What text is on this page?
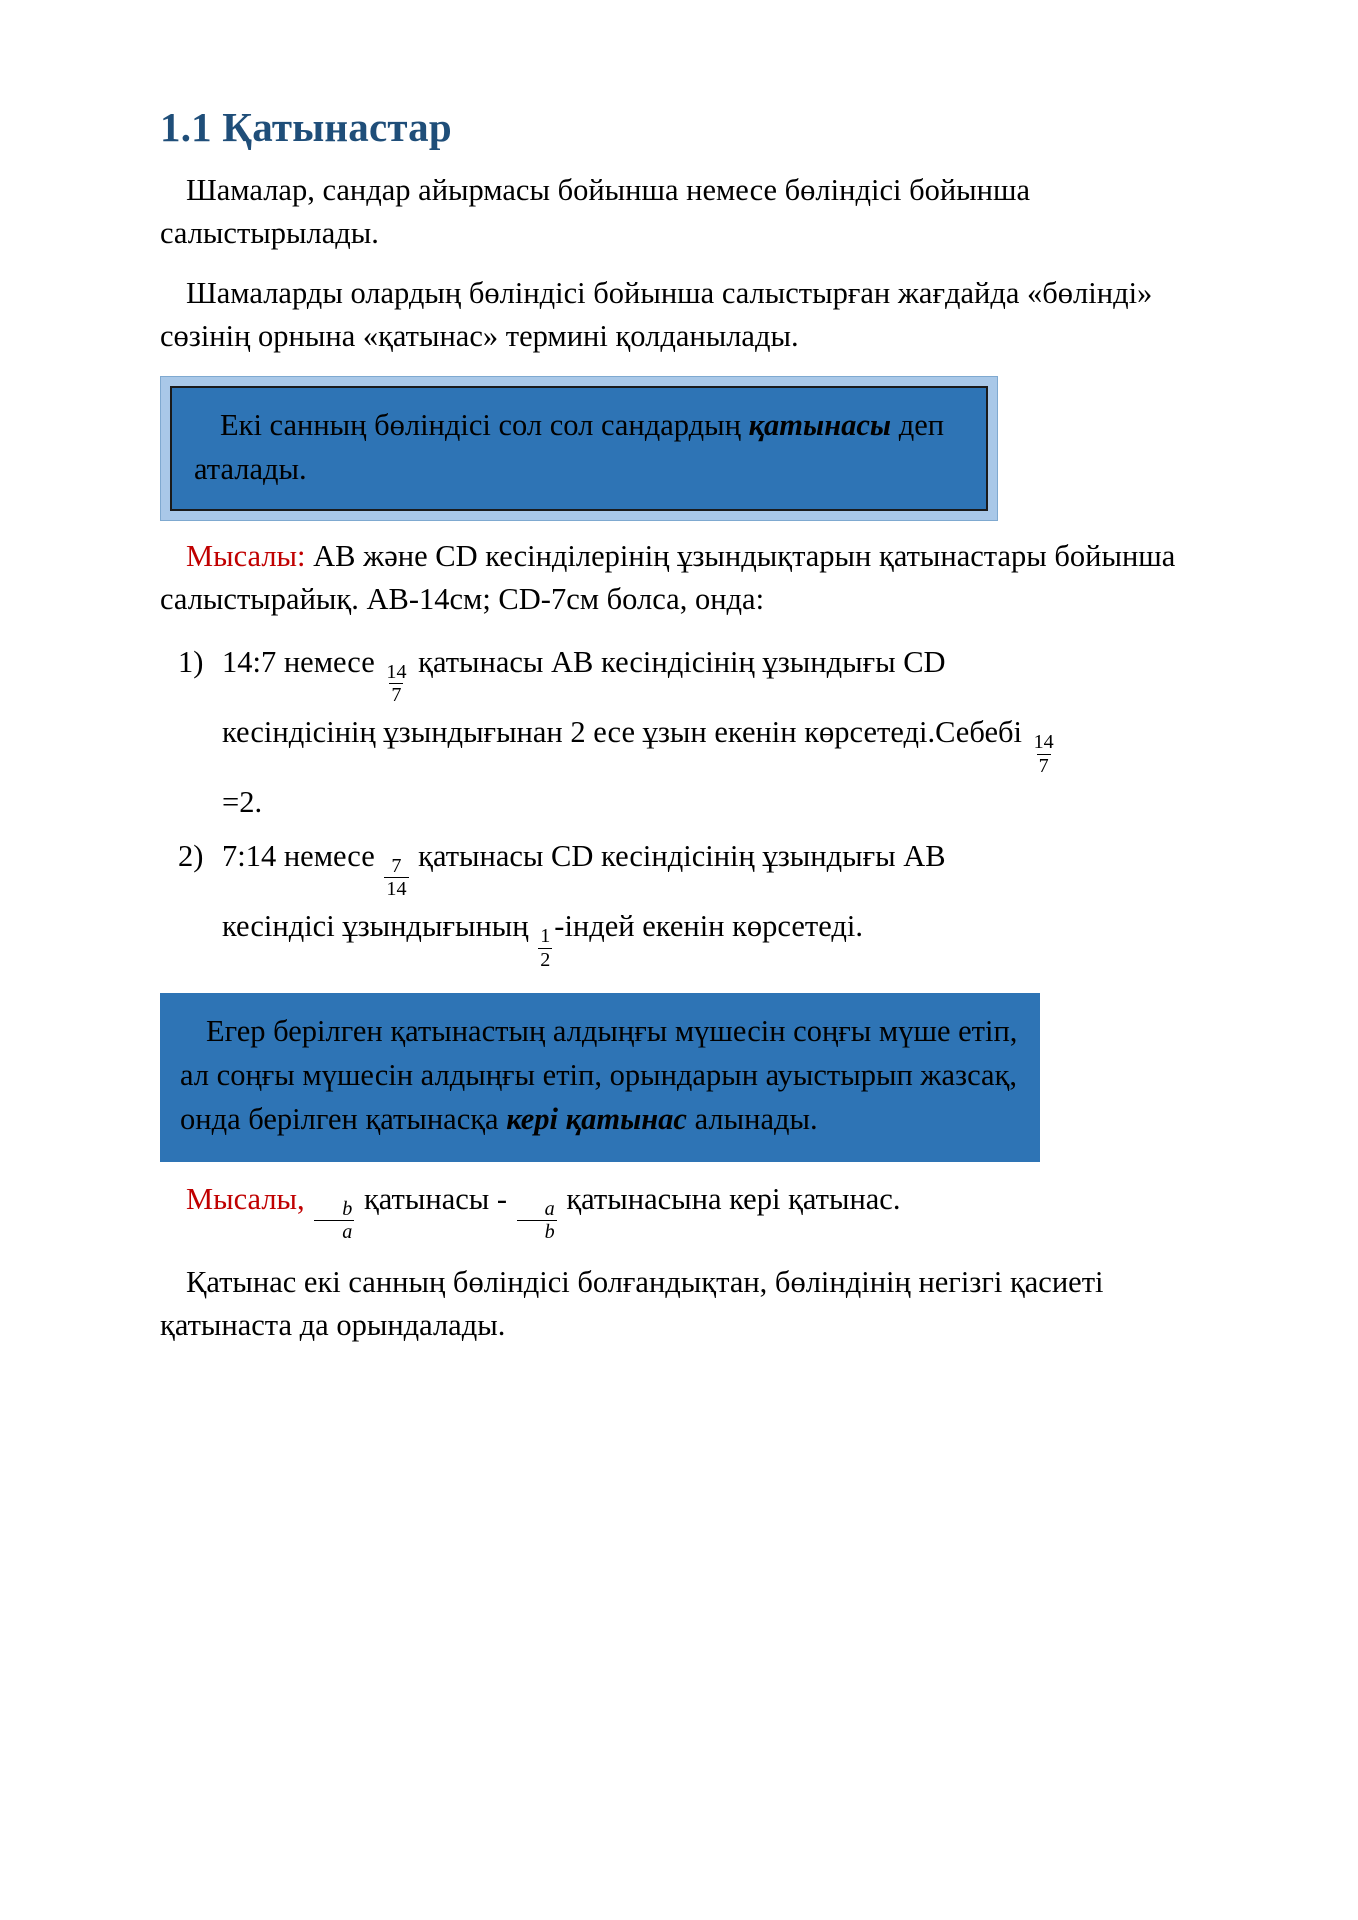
1.1 Қатынастар

Шамалар, сандар айырмасы бойынша немесе бөліндісі бойынша салыстырылады.

Шамаларды олардың бөліндісі бойынша салыстырған жағдайда «бөлінді» сөзінің орнына «қатынас» термині қолданылады.

Екі санның бөліндісі сол сол сандардың қатынасы деп аталады.

Мысалы: AB және CD кесінділерінің ұзындықтарын қатынастары бойынша салыстырайық. AB-14см; CD-7см болса, онда:

1) 14:7 немесе
$\frac{14}{7}$
қатынасы AB кесіндісінің ұзындығы CD кесіндісінің ұзындығынан 2 есе ұзын екенін көрсетеді.Себебі
$\frac{14}{7}$
=2.
2) 7:14 немесе
$\frac{7}{14}$
қатынасы CD кесіндісінің ұзындығы AB кесіндісі ұзындығының
$\frac{1}{2}$
-індей екенін көрсетеді.

Егер берілген қатынастың алдыңғы мүшесін соңғы мүше етіп, ал соңғы мүшесін алдыңғы етіп, орындарын ауыстырып жазсақ, онда берілген қатынасқа кері қатынас алынады.

Мысалы,
$\frac{b}{a}$
қатынасы -
$\frac{a}{b}$
қатынасына кері қатынас.

Қатынас екі санның бөліндісі болғандықтан, бөліндінің негізгі қасиеті қатынаста да орындалады.
